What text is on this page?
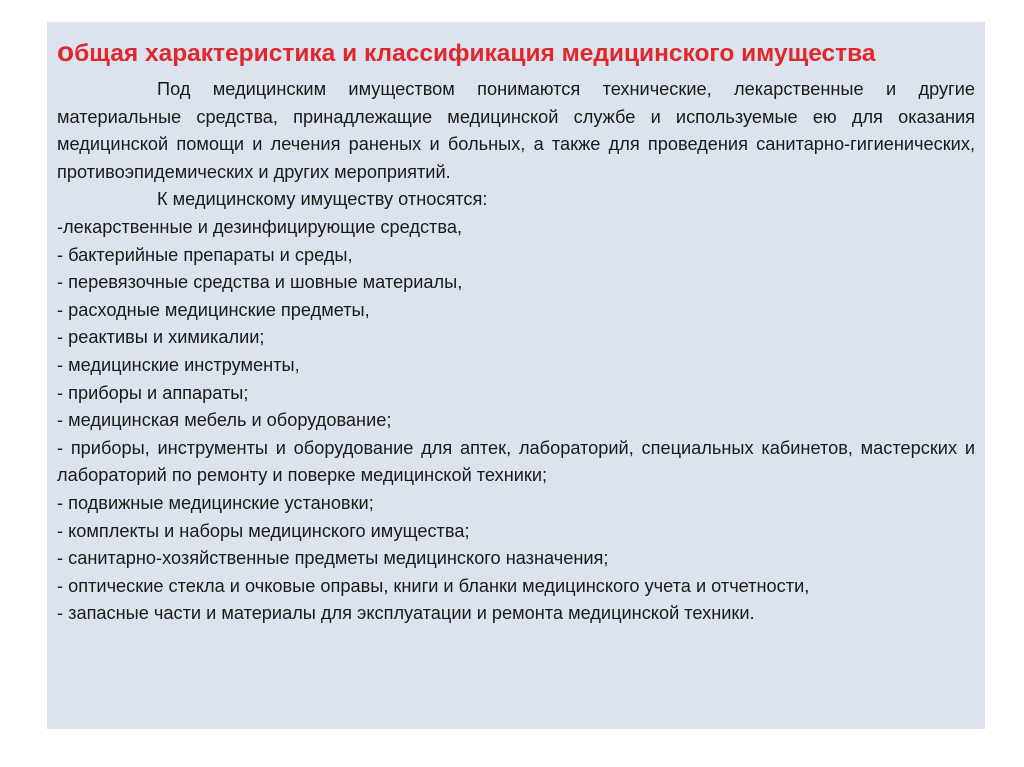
общая характеристика и классификация медицинского имущества

Под медицинским имуществом понимаются технические, лекарственные и другие материальные средства, принадлежащие медицинской службе и используемые ею для оказания медицинской помощи и лечения раненых и больных, а также для проведения санитарно-гигиенических, противоэпидемических и других мероприятий.

К медицинскому имуществу относятся:

-лекарственные и дезинфицирующие средства,
- бактерийные препараты и среды,
- перевязочные средства и шовные материалы,
- расходные медицинские предметы,
- реактивы и химикалии;
- медицинские инструменты,
- приборы и аппараты;
- медицинская мебель и оборудование;
- приборы, инструменты и оборудование для аптек, лабораторий, специальных кабинетов, мастерских и лабораторий по ремонту и поверке медицинской техники;
- подвижные медицинские установки;
- комплекты и наборы медицинского имущества;
- санитарно-хозяйственные предметы медицинского назначения;
- оптические стекла и очковые оправы, книги и бланки медицинского учета и отчетности,
- запасные части и материалы для эксплуатации и ремонта медицинской техники.
